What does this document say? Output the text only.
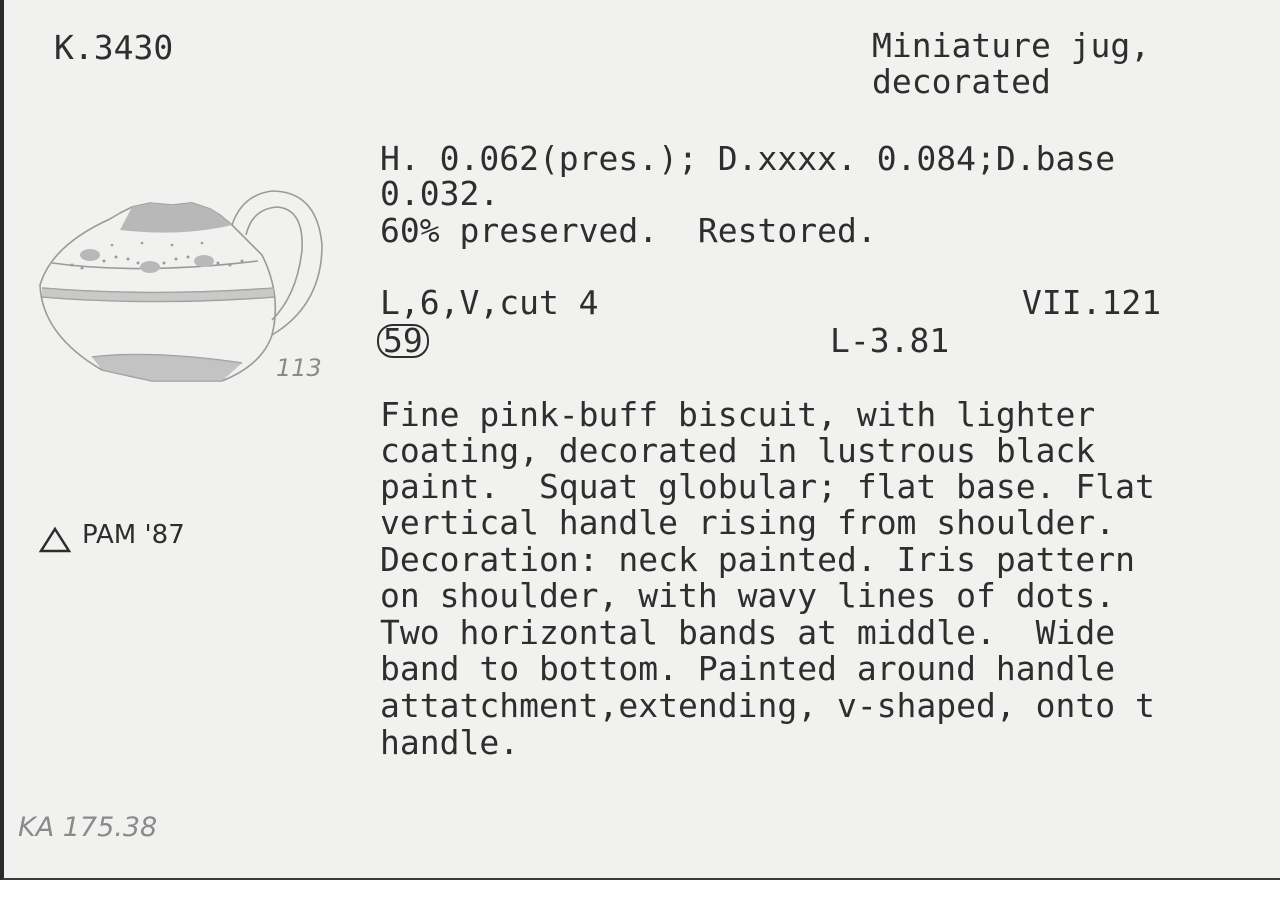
K.3430	Miniature jug,

decorated

H. 0.062(pres.); D.xxxx. 0.084;D.base

0.032.

60% preserved.  Restored.

L,6,V,cut 4	VII.121

59	L-3.81

Fine pink-buff biscuit, with lighter

coating, decorated in lustrous black

paint.  Squat globular; flat base. Flat

vertical handle rising from shoulder.

Decoration: neck painted. Iris pattern

on shoulder, with wavy lines of dots.

Two horizontal bands at middle.  Wide

band to bottom. Painted around handle

attatchment,extending, v-shaped, onto t

handle.

113

PAM '87

KA 175.38
